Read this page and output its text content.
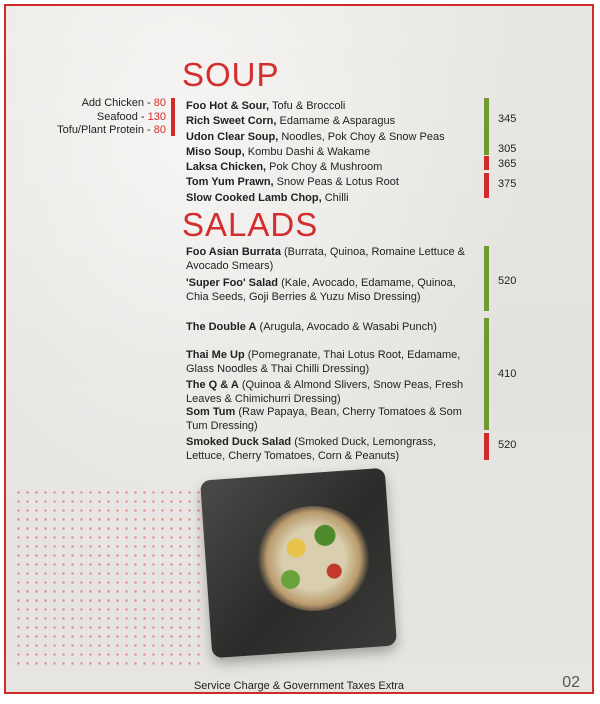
SOUP
Add Chicken - 80
Seafood - 130
Tofu/Plant Protein - 80
Foo Hot & Sour, Tofu & Broccoli
Rich Sweet Corn, Edamame & Asparagus
Udon Clear Soup, Noodles, Pok Choy & Snow Peas
Miso Soup, Kombu Dashi & Wakame
Laksa Chicken, Pok Choy & Mushroom
Tom Yum Prawn, Snow Peas & Lotus Root
Slow Cooked Lamb Chop, Chilli
345
305
365
375
SALADS
Foo Asian Burrata (Burrata, Quinoa, Romaine Lettuce & Avocado Smears)
'Super Foo' Salad (Kale, Avocado, Edamame, Quinoa, Chia Seeds, Goji Berries & Yuzu Miso Dressing)
The Double A (Arugula, Avocado & Wasabi Punch)
Thai Me Up (Pomegranate, Thai Lotus Root, Edamame, Glass Noodles & Thai Chilli Dressing)
The Q & A (Quinoa & Almond Slivers, Snow Peas, Fresh Leaves & Chimichurri Dressing)
Som Tum (Raw Papaya, Bean, Cherry Tomatoes & Som Tum Dressing)
Smoked Duck Salad (Smoked Duck, Lemongrass, Lettuce, Cherry Tomatoes, Corn & Peanuts)
520
410
520
Service Charge & Government Taxes Extra	02
